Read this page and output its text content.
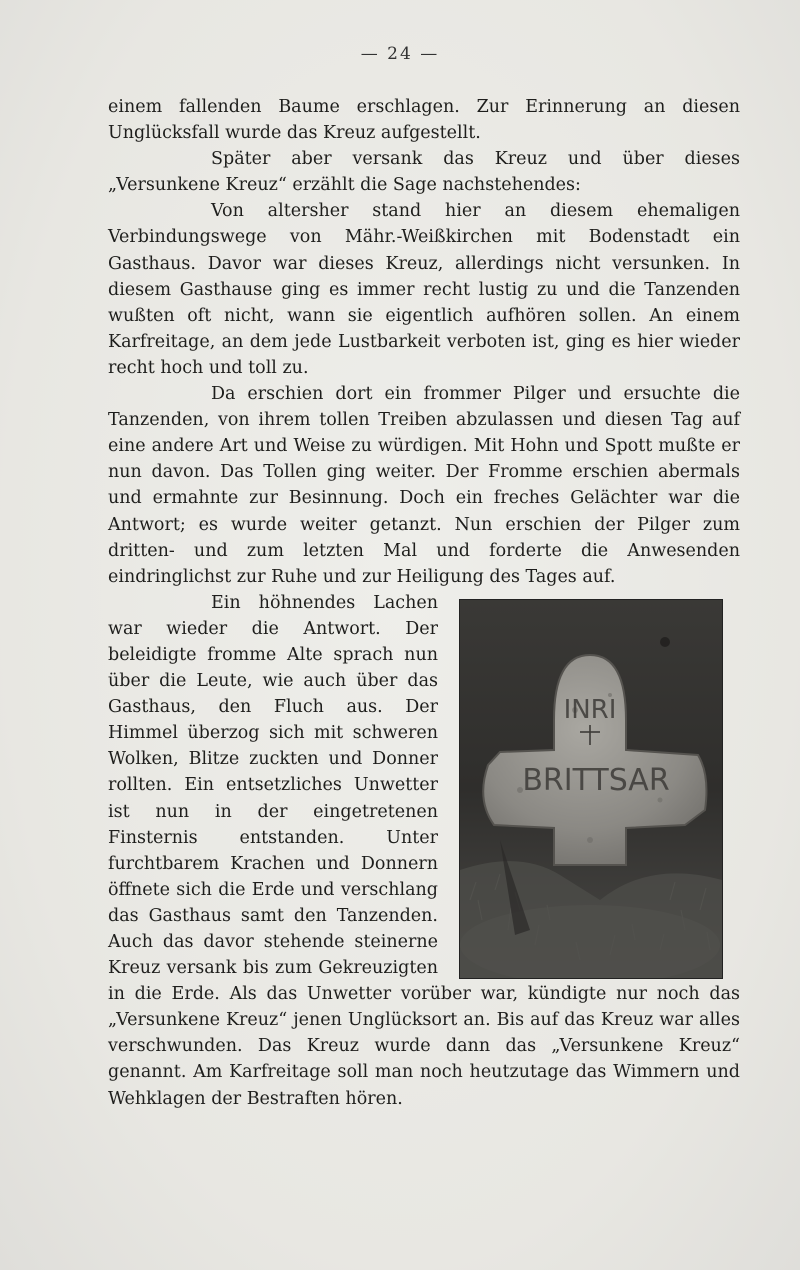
— 24 —

einem fallenden Baume erschlagen. Zur Erinnerung an diesen Unglücksfall wurde das Kreuz aufgestellt.

Später aber versank das Kreuz und über dieses „Versunkene Kreuz“ erzählt die Sage nachstehendes:

Von altersher stand hier an diesem ehemaligen Verbindungswege von Mähr.-Weißkirchen mit Bodenstadt ein Gasthaus. Davor war dieses Kreuz, allerdings nicht versunken. In diesem Gasthause ging es immer recht lustig zu und die Tanzenden wußten oft nicht, wann sie eigentlich aufhören sollen. An einem Karfreitage, an dem jede Lustbarkeit verboten ist, ging es hier wieder recht hoch und toll zu.

Da erschien dort ein frommer Pilger und ersuchte die Tanzenden, von ihrem tollen Treiben abzulassen und diesen Tag auf eine andere Art und Weise zu würdigen. Mit Hohn und Spott mußte er nun davon. Das Tollen ging weiter. Der Fromme erschien abermals und ermahnte zur Besinnung. Doch ein freches Gelächter war die Antwort; es wurde weiter getanzt. Nun erschien der Pilger zum dritten- und zum letzten Mal und forderte die Anwesenden eindringlichst zur Ruhe und zur Heiligung des Tages auf.

INRI
BRITTSAR
Ein höhnendes Lachen war wieder die Antwort. Der beleidigte fromme Alte sprach nun über die Leute, wie auch über das Gasthaus, den Fluch aus. Der Himmel überzog sich mit schweren Wolken, Blitze zuckten und Donner rollten. Ein entsetzliches Unwetter ist nun in der eingetretenen Finsternis entstanden. Unter furchtbarem Krachen und Donnern öffnete sich die Erde und verschlang das Gasthaus samt den Tanzenden. Auch das davor stehende steinerne Kreuz versank bis zum Gekreuzigten in die Erde. Als das Unwetter vorüber war, kündigte nur noch das „Versunkene Kreuz“ jenen Unglücksort an. Bis auf das Kreuz war alles verschwunden. Das Kreuz wurde dann das „Versunkene Kreuz“ genannt. Am Karfreitage soll man noch heutzutage das Wimmern und Wehklagen der Bestraften hören.
